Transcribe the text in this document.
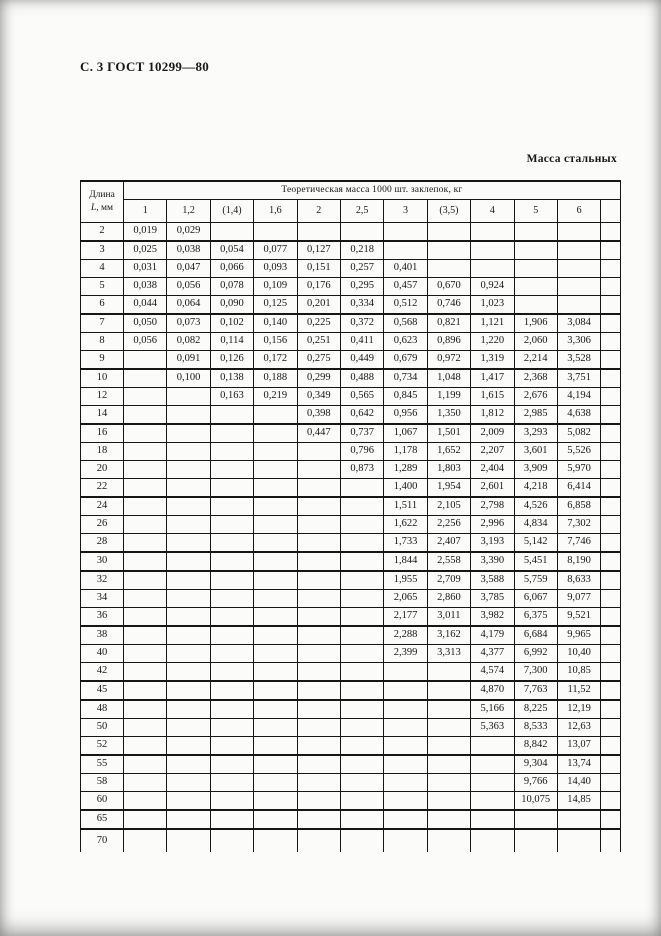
С. 3 ГОСТ 10299—80
Масса стальных
Длина
L, мм	Теоретическая масса 1000 шт. заклепок, кг											
	1	1,2	(1,4)	1,6	2	2,5	3	(3,5)	4	5	6	
2	0,019	0,029										
3	0,025	0,038	0,054	0,077	0,127	0,218						
4	0,031	0,047	0,066	0,093	0,151	0,257	0,401					
5	0,038	0,056	0,078	0,109	0,176	0,295	0,457	0,670	0,924			
6	0,044	0,064	0,090	0,125	0,201	0,334	0,512	0,746	1,023			
7	0,050	0,073	0,102	0,140	0,225	0,372	0,568	0,821	1,121	1,906	3,084	
8	0,056	0,082	0,114	0,156	0,251	0,411	0,623	0,896	1,220	2,060	3,306	
9		0,091	0,126	0,172	0,275	0,449	0,679	0,972	1,319	2,214	3,528	
10		0,100	0,138	0,188	0,299	0,488	0,734	1,048	1,417	2,368	3,751	
12			0,163	0,219	0,349	0,565	0,845	1,199	1,615	2,676	4,194	
14					0,398	0,642	0,956	1,350	1,812	2,985	4,638	
16					0,447	0,737	1,067	1,501	2,009	3,293	5,082	
18						0,796	1,178	1,652	2,207	3,601	5,526	
20						0,873	1,289	1,803	2,404	3,909	5,970	
22							1,400	1,954	2,601	4,218	6,414	
24							1,511	2,105	2,798	4,526	6,858	
26							1,622	2,256	2,996	4,834	7,302	
28							1,733	2,407	3,193	5,142	7,746	
30							1,844	2,558	3,390	5,451	8,190	
32							1,955	2,709	3,588	5,759	8,633	
34							2,065	2,860	3,785	6,067	9,077	
36							2,177	3,011	3,982	6,375	9,521	
38							2,288	3,162	4,179	6,684	9,965	
40							2,399	3,313	4,377	6,992	10,40	
42									4,574	7,300	10,85	
45									4,870	7,763	11,52	
48									5,166	8,225	12,19	
50									5,363	8,533	12,63	
52										8,842	13,07	
55										9,304	13,74	
58										9,766	14,40	
60										10,075	14,85	
65												
70												
